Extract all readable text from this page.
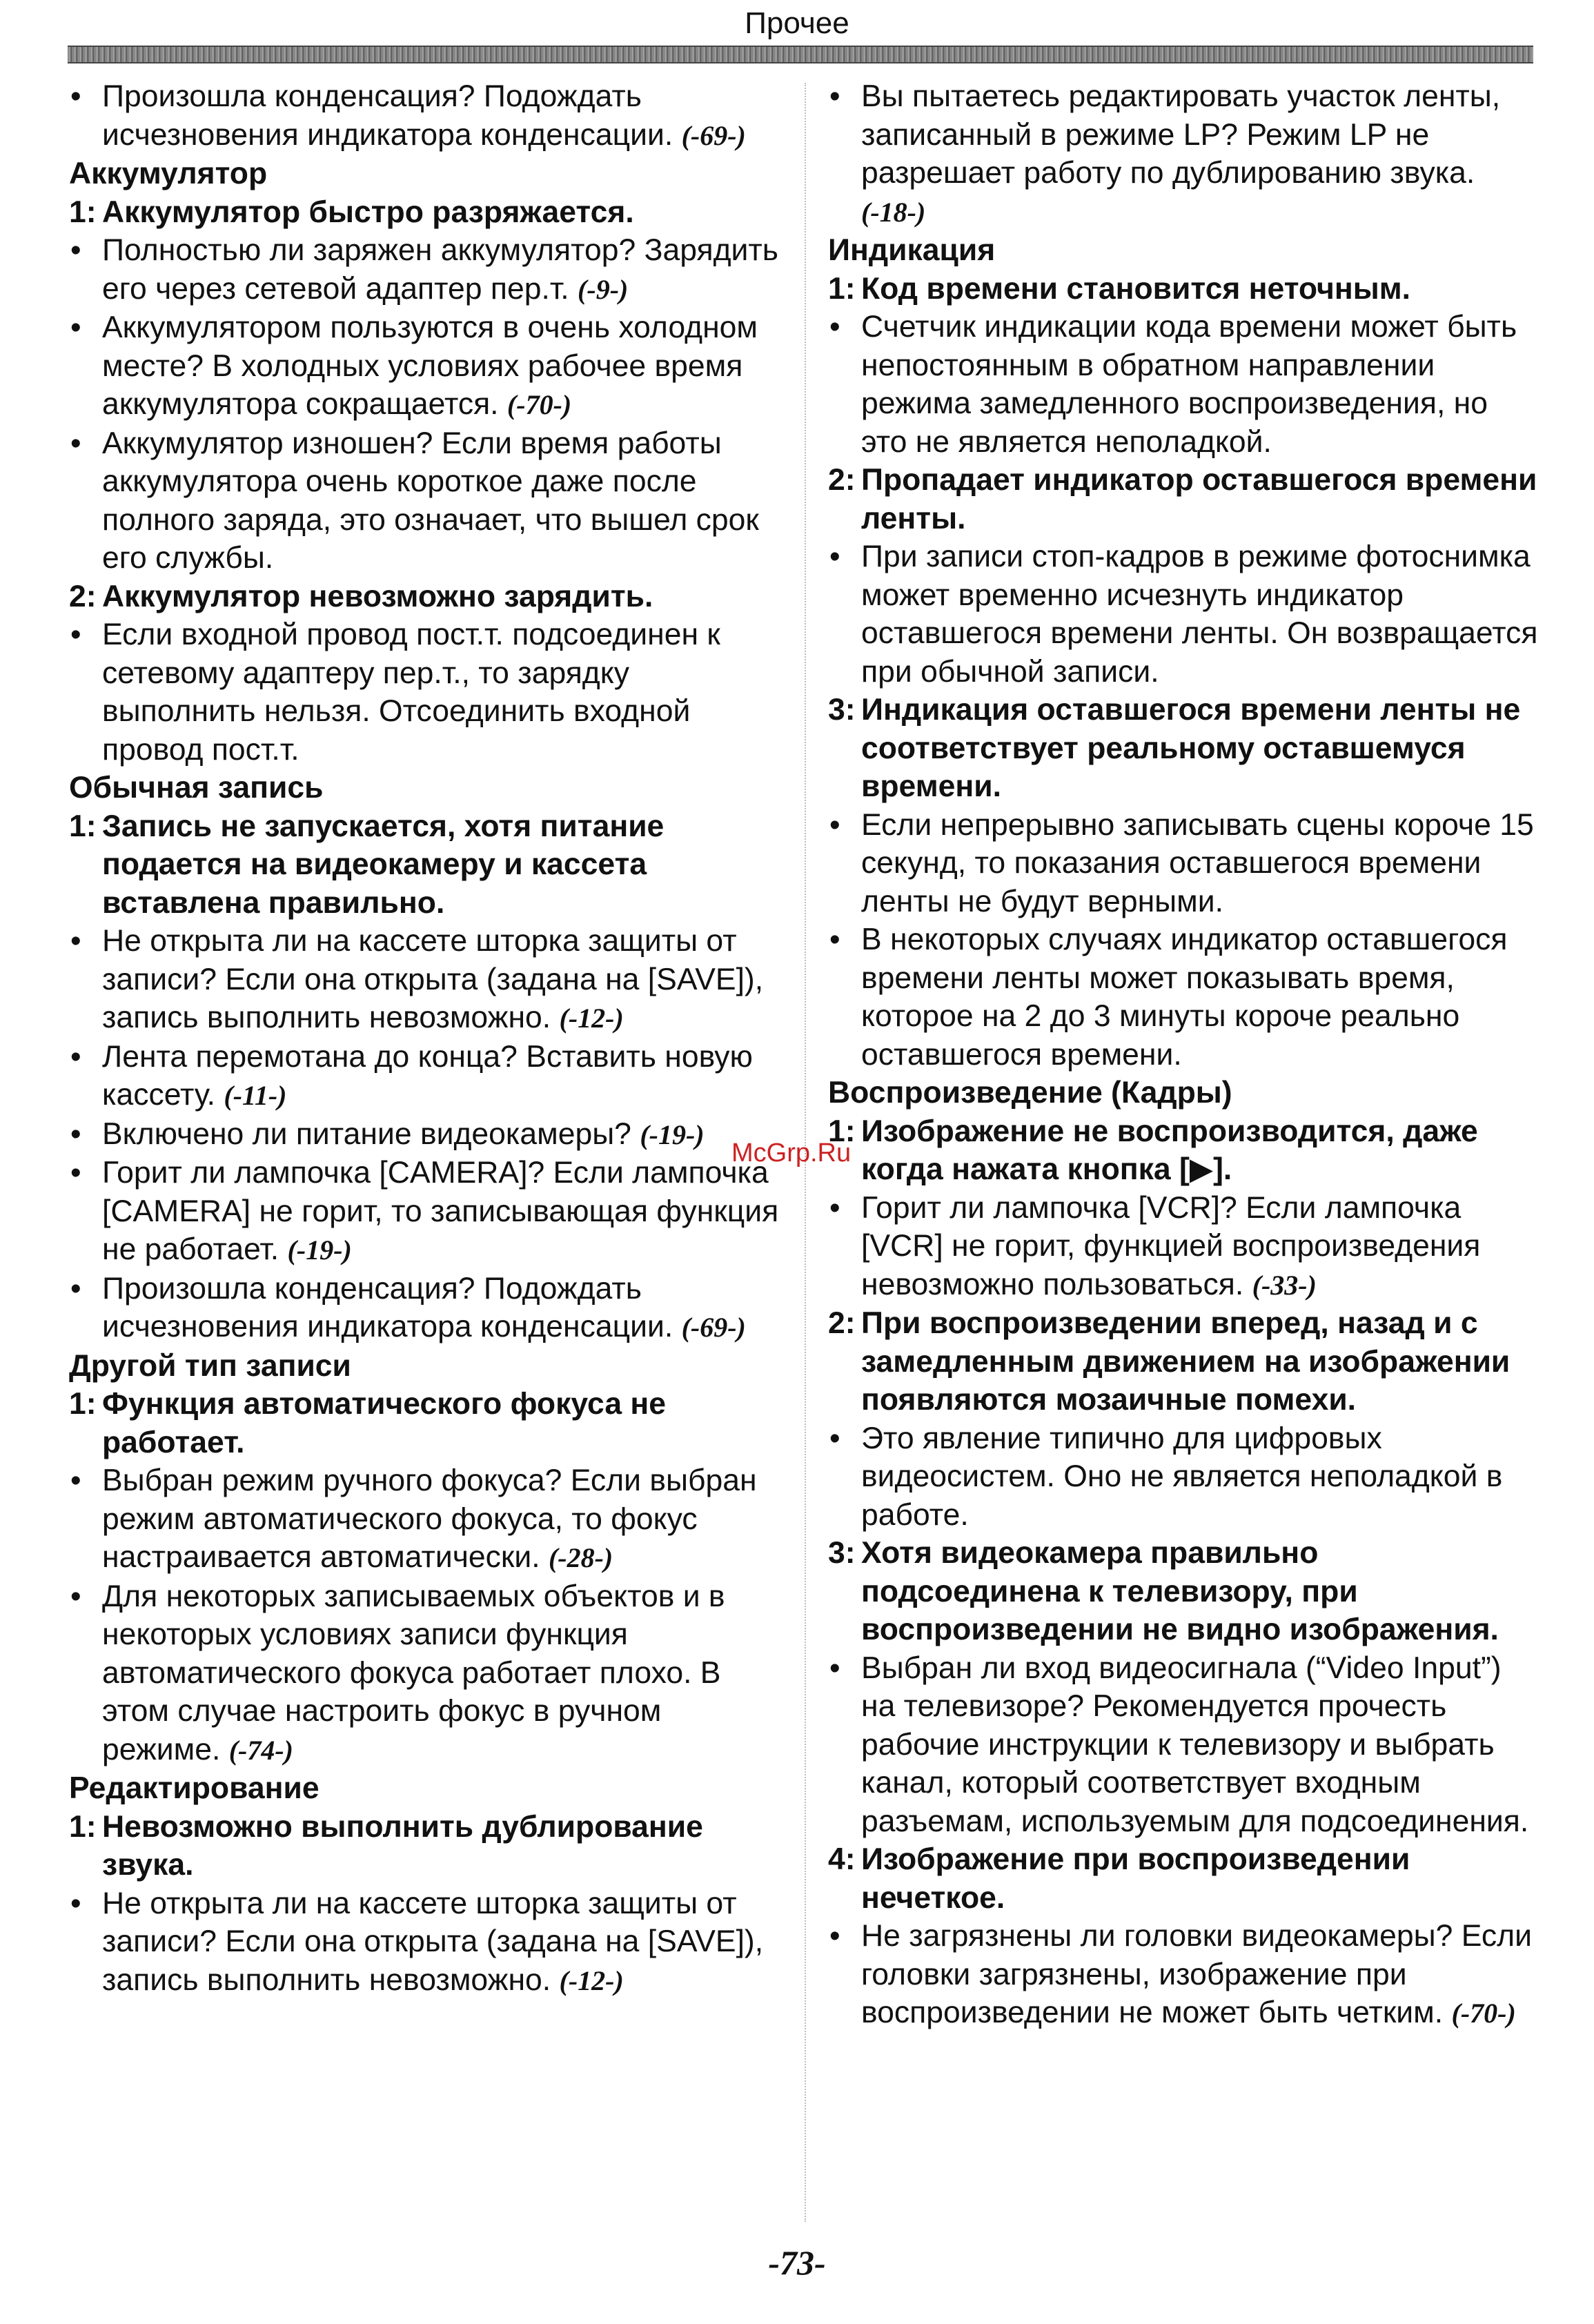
Прочее
• Произошла конденсация? Подождать исчезновения индикатора конденсации. (-69-)
Аккумулятор
1: Аккумулятор быстро разряжается.
• Полностью ли заряжен аккумулятор? Зарядить его через сетевой адаптер пер.т. (-9-)
• Аккумулятором пользуются в очень холодном месте? В холодных условиях рабочее время аккумулятора сокращается. (-70-)
• Аккумулятор изношен? Если время работы аккумулятора очень короткое даже после полного заряда, это означает, что вышел срок его службы.
2: Аккумулятор невозможно зарядить.
• Если входной провод пост.т. подсоединен к сетевому адаптеру пер.т., то зарядку выполнить нельзя. Отсоединить входной провод пост.т.
Обычная запись
1: Запись не запускается, хотя питание подается на видеокамеру и кассета вставлена правильно.
• Не открыта ли на кассете шторка защиты от записи? Если она открыта (задана на [SAVE]), запись выполнить невозможно. (-12-)
• Лента перемотана до конца? Вставить новую кассету. (-11-)
• Включено ли питание видеокамеры? (-19-)
• Горит ли лампочка [CAMERA]? Если лампочка [CAMERA] не горит, то записывающая функция не работает. (-19-)
• Произошла конденсация? Подождать исчезновения индикатора конденсации. (-69-)
Другой тип записи
1: Функция автоматического фокуса не работает.
• Выбран режим ручного фокуса? Если выбран режим автоматического фокуса, то фокус настраивается автоматически. (-28-)
• Для некоторых записываемых объектов и в некоторых условиях записи функция автоматического фокуса работает плохо. В этом случае настроить фокус в ручном режиме. (-74-)
Редактирование
1: Невозможно выполнить дублирование звука.
• Не открыта ли на кассете шторка защиты от записи? Если она открыта (задана на [SAVE]), запись выполнить невозможно. (-12-)
• Вы пытаетесь редактировать участок ленты, записанный в режиме LP? Режим LP не разрешает работу по дублированию звука. (-18-)
Индикация
1: Код времени становится неточным.
• Счетчик индикации кода времени может быть непостоянным в обратном направлении режима замедленного воспроизведения, но это не является неполадкой.
2: Пропадает индикатор оставшегося времени ленты.
• При записи стоп-кадров в режиме фотоснимка может временно исчезнуть индикатор оставшегося времени ленты. Он возвращается при обычной записи.
3: Индикация оставшегося времени ленты не соответствует реальному оставшемуся времени.
• Если непрерывно записывать сцены короче 15 секунд, то показания оставшегося времени ленты не будут верными.
• В некоторых случаях индикатор оставшегося времени ленты может показывать время, которое на 2 до 3 минуты короче реально оставшегося времени.
Воспроизведение (Кадры)
1: Изображение не воспроизводится, даже когда нажата кнопка [▶].
• Горит ли лампочка [VCR]? Если лампочка [VCR] не горит, функцией воспроизведения невозможно пользоваться. (-33-)
2: При воспроизведении вперед, назад и с замедленным движением на изображении появляются мозаичные помехи.
• Это явление типично для цифровых видеосистем. Оно не является неполадкой в работе.
3: Хотя видеокамера правильно подсоединена к телевизору, при воспроизведении не видно изображения.
• Выбран ли вход видеосигнала (“Video Input”) на телевизоре? Рекомендуется прочесть рабочие инструкции к телевизору и выбрать канал, который соответствует входным разъемам, используемым для подсоединения.
4: Изображение при воспроизведении нечеткое.
• Не загрязнены ли головки видеокамеры? Если головки загрязнены, изображение при воспроизведении не может быть четким. (-70-)
McGrp.Ru
-73-
